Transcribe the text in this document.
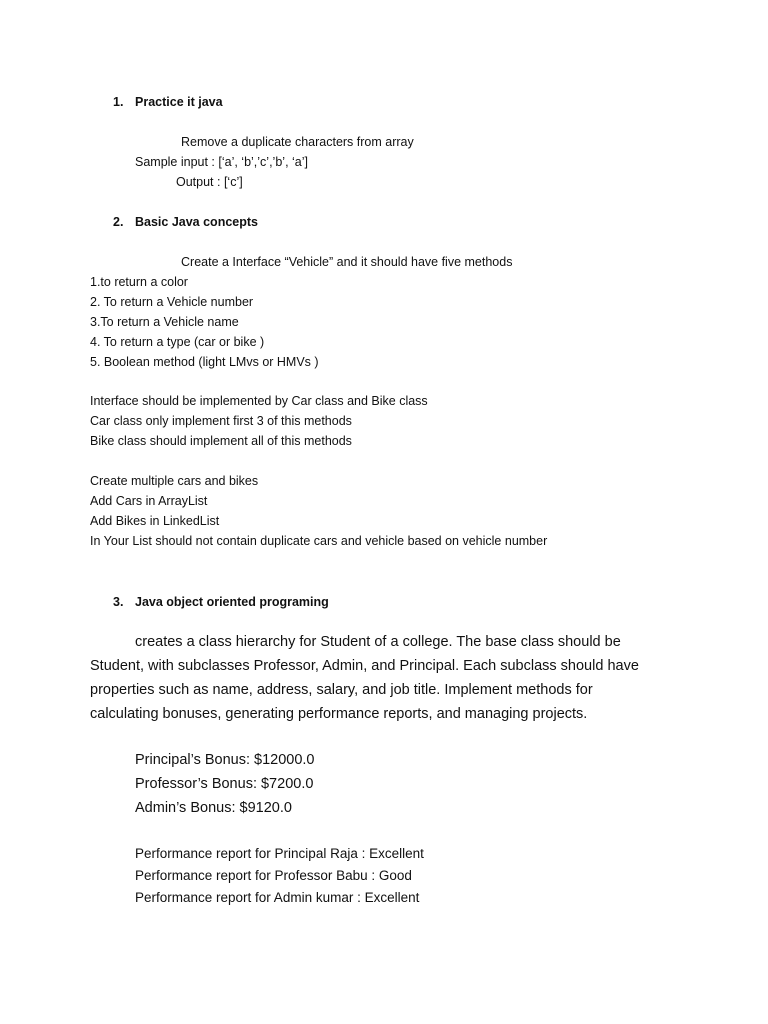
1. Practice it java
Remove a duplicate characters from array
Sample input : [‘a’, ‘b’,’c’,’b’, ‘a’]
Output : [‘c’]
2. Basic Java concepts
Create a Interface “Vehicle” and it should have five methods
1.to return a color
2. To return a Vehicle number
3.To return a Vehicle name
4. To return a type (car or bike )
5. Boolean method (light LMvs or HMVs )
Interface should be implemented by Car class and Bike class
Car class only implement first 3 of this methods
Bike class should implement all of this methods
Create multiple cars and bikes
Add Cars in ArrayList
Add Bikes in LinkedList
In Your List should not contain duplicate cars and vehicle based on vehicle number
3. Java object oriented programing
creates a class hierarchy for Student of a college. The base class should be Student, with subclasses Professor, Admin, and Principal. Each subclass should have properties such as name, address, salary, and job title. Implement methods for calculating bonuses, generating performance reports, and managing projects.
Principal’s Bonus: $12000.0
Professor’s Bonus: $7200.0
Admin’s Bonus: $9120.0
Performance report for Principal Raja : Excellent
Performance report for Professor Babu : Good
Performance report for Admin kumar : Excellent
